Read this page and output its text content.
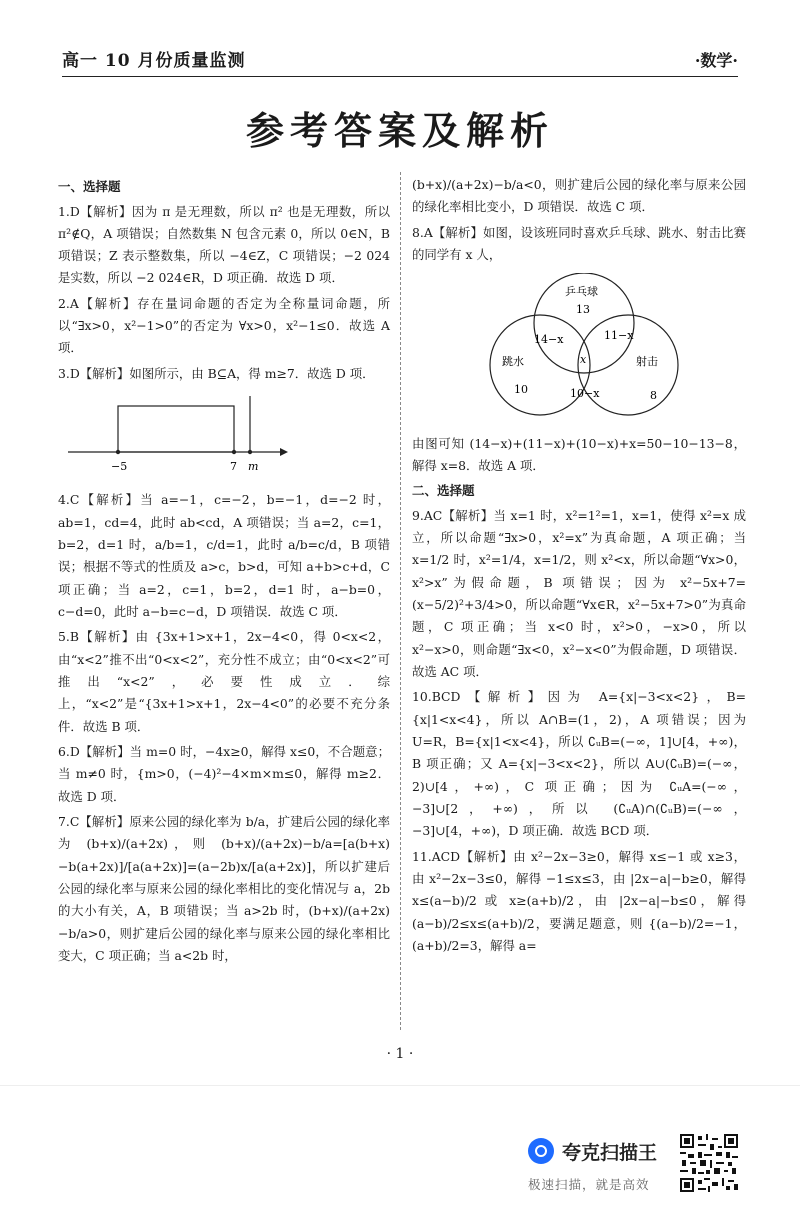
高一 10 月份质量监测	·数学·
参考答案及解析
一、选择题

1.D【解析】因为 π 是无理数，所以 π² 也是无理数，所以 π²∉Q，A 项错误；自然数集 N 包含元素 0，所以 0∈N，B 项错误；Z 表示整数集，所以 −4∈Z，C 项错误；−2 024 是实数，所以 −2 024∈R，D 项正确．故选 D 项．

2.A【解析】存在量词命题的否定为全称量词命题，所以“∃x>0，x²−1>0”的否定为 ∀x>0，x²−1≤0．故选 A 项．

3.D【解析】如图所示，由 B⊆A，得 m≥7．故选 D 项．

−5	7 m

4.C【解析】当 a=−1，c=−2，b=−1，d=−2 时，ab=1，cd=4，此时 ab<cd，A 项错误；当 a=2，c=1，b=2，d=1 时，a/b=1，c/d=1，此时 a/b=c/d，B 项错误；根据不等式的性质及 a>c，b>d，可知 a+b>c+d，C 项正确；当 a=2，c=1，b=2，d=1 时，a−b=0，c−d=0，此时 a−b=c−d，D 项错误．故选 C 项．

5.B【解析】由 {3x+1>x+1，2x−4<0，得 0<x<2，由“x<2”推不出“0<x<2”，充分性不成立；由“0<x<2”可推出“x<2”，必要性成立．综上，“x<2”是“{3x+1>x+1，2x−4<0”的必要不充分条件．故选 B 项．

6.D【解析】当 m=0 时，−4x≥0，解得 x≤0，不合题意；当 m≠0 时，{m>0，(−4)²−4×m×m≤0，解得 m≥2．故选 D 项．

7.C【解析】原来公园的绿化率为 b/a，扩建后公园的绿化率为 (b+x)/(a+2x)，则 (b+x)/(a+2x)−b/a=[a(b+x)−b(a+2x)]/[a(a+2x)]=(a−2b)x/[a(a+2x)]，所以扩建后公园的绿化率与原来公园的绿化率相比的变化情况与 a，2b 的大小有关，A，B 项错误；当 a>2b 时，(b+x)/(a+2x)−b/a>0，则扩建后公园的绿化率与原来公园的绿化率相比变大，C 项正确；当 a<2b 时，

(b+x)/(a+2x)−b/a<0，则扩建后公园的绿化率与原来公园的绿化率相比变小，D 项错误．故选 C 项．

8.A【解析】如图，设该班同时喜欢乒乓球、跳水、射击比赛的同学有 x 人，

乒乓球
跳水	射击
13
14−x	11−x
x
10	10−x	8

由图可知 (14−x)+(11−x)+(10−x)+x=50−10−13−8，解得 x=8．故选 A 项．

二、选择题

9.AC【解析】当 x=1 时，x²=1²=1，x=1，使得 x²=x 成立，所以命题“∃x>0，x²=x”为真命题，A 项正确；当 x=1/2 时，x²=1/4，x=1/2，则 x²<x，所以命题“∀x>0，x²>x”为假命题，B 项错误；因为 x²−5x+7=(x−5/2)²+3/4>0，所以命题“∀x∈R，x²−5x+7>0”为真命题，C 项正确；当 x<0 时，x²>0，−x>0，所以 x²−x>0，则命题“∃x<0，x²−x<0”为假命题，D 项错误．故选 AC 项．

10.BCD【解析】因为 A={x|−3<x<2}，B={x|1<x<4}，所以 A∩B=(1，2)，A 项错误；因为 U=R，B={x|1<x<4}，所以 ∁ᵤB=(−∞，1]∪[4，+∞)，B 项正确；又 A={x|−3<x<2}，所以 A∪(∁ᵤB)=(−∞，2)∪[4，+∞)，C 项正确；因为 ∁ᵤA=(−∞，−3]∪[2，+∞)，所以 (∁ᵤA)∩(∁ᵤB)=(−∞，−3]∪[4，+∞)，D 项正确．故选 BCD 项．

11.ACD【解析】由 x²−2x−3≥0，解得 x≤−1 或 x≥3，由 x²−2x−3≤0，解得 −1≤x≤3，由 |2x−a|−b≥0，解得 x≤(a−b)/2 或 x≥(a+b)/2，由 |2x−a|−b≤0，解得 (a−b)/2≤x≤(a+b)/2，要满足题意，则 {(a−b)/2=−1，(a+b)/2=3，解得 a=

· 1 ·
夸克扫描王
极速扫描，就是高效
